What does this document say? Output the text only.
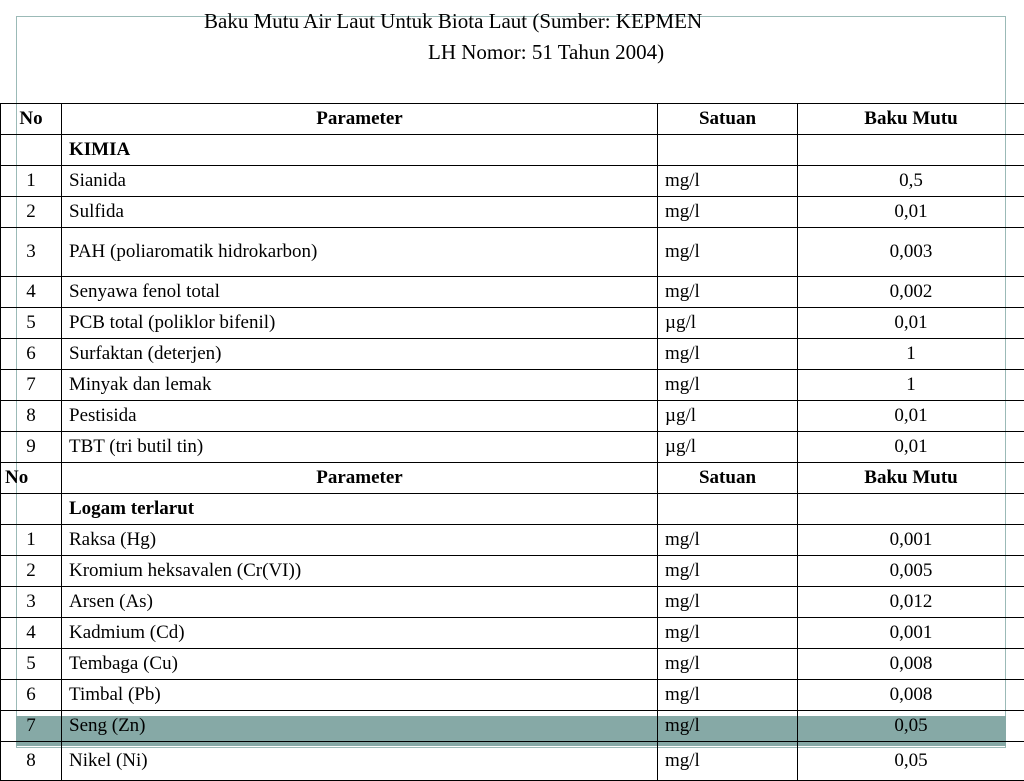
Baku Mutu Air Laut Untuk Biota Laut (Sumber: KEPMEN
LH Nomor: 51 Tahun 2004)
No	Parameter	Satuan	Baku Mutu
	KIMIA		
1	Sianida	mg/l	0,5
2	Sulfida	mg/l	0,01
3	PAH (poliaromatik hidrokarbon)	mg/l	0,003
4	Senyawa fenol total	mg/l	0,002
5	PCB total (poliklor bifenil)	µg/l	0,01
6	Surfaktan (deterjen)	mg/l	1
7	Minyak dan lemak	mg/l	1
8	Pestisida	µg/l	0,01
9	TBT (tri butil tin)	µg/l	0,01
No	Parameter	Satuan	Baku Mutu
	Logam terlarut		
1	Raksa (Hg)	mg/l	0,001
2	Kromium heksavalen (Cr(VI))	mg/l	0,005
3	Arsen (As)	mg/l	0,012
4	Kadmium (Cd)	mg/l	0,001
5	Tembaga (Cu)	mg/l	0,008
6	Timbal (Pb)	mg/l	0,008
7	Seng (Zn)	mg/l	0,05
8	Nikel (Ni)	mg/l	0,05
